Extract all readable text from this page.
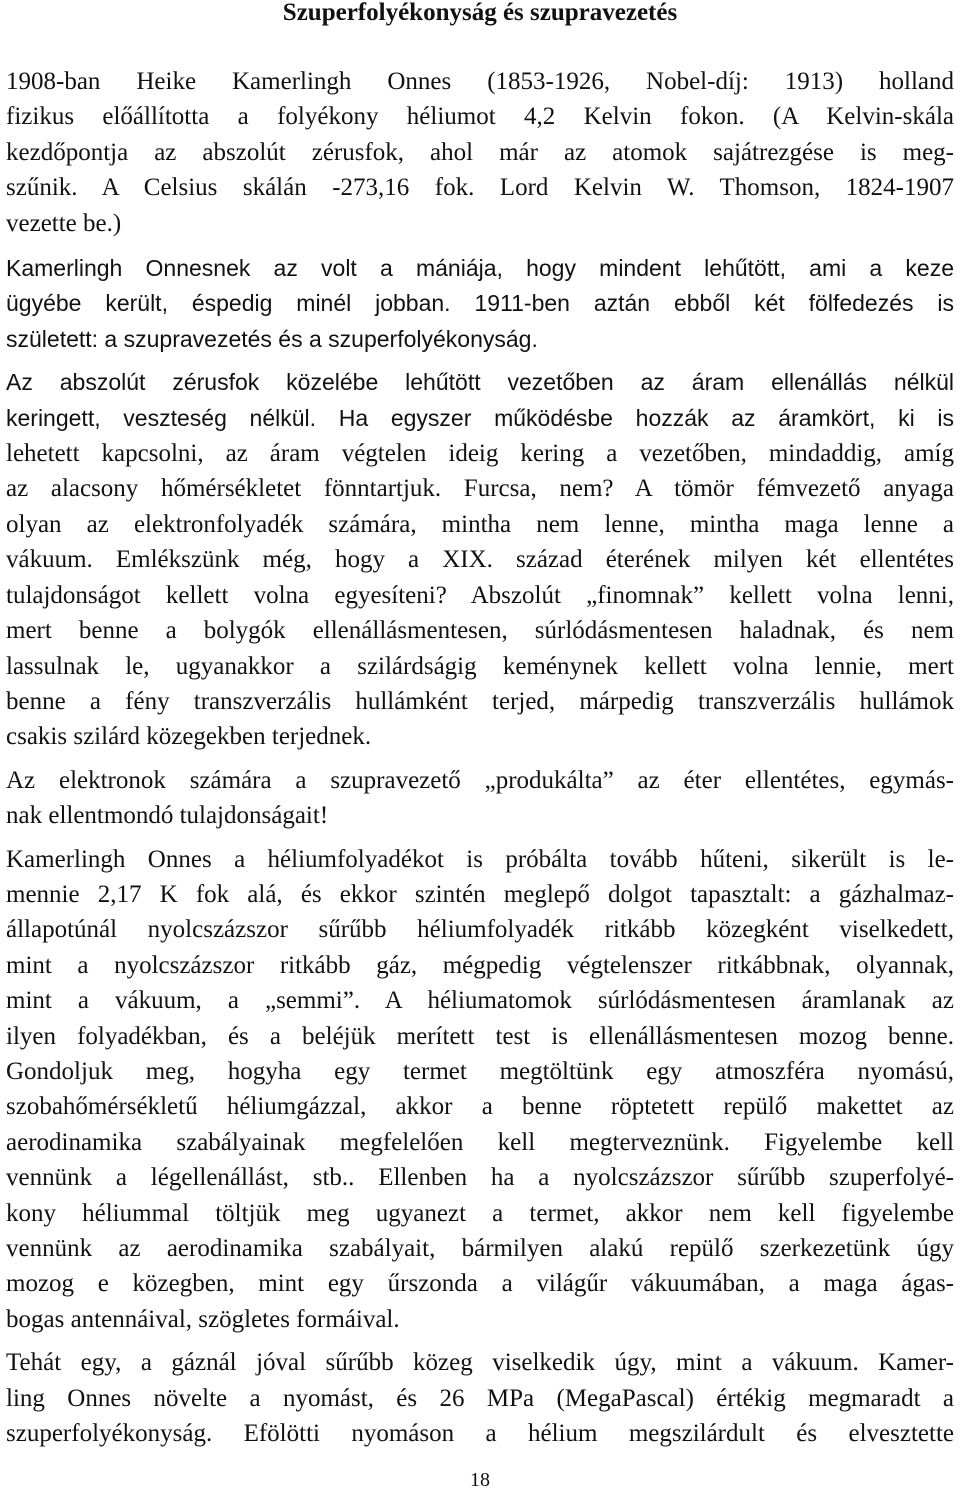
Szuperfolyékonyság és szupravezetés
1908-ban Heike Kamerlingh Onnes (1853-1926, Nobel-díj: 1913) holland
fizikus előállította a folyékony héliumot 4,2 Kelvin fokon. (A Kelvin-skála
kezdőpontja az abszolút zérusfok, ahol már az atomok sajátrezgése is meg-
szűnik. A Celsius skálán -273,16 fok. Lord Kelvin W. Thomson, 1824-1907
vezette be.)
Kamerlingh Onnesnek az volt a mániája, hogy mindent lehűtött, ami a keze
ügyébe került, éspedig minél jobban. 1911-ben aztán ebből két fölfedezés is
született: a szupravezetés és a szuperfolyékonyság.
Az abszolút zérusfok közelébe lehűtött vezetőben az áram ellenállás nélkül
keringett, veszteség nélkül. Ha egyszer működésbe hozzák az áramkört, ki is
lehetett kapcsolni, az áram végtelen ideig kering a vezetőben, mindaddig, amíg
az alacsony hőmérsékletet fönntartjuk. Furcsa, nem? A tömör fémvezető anyaga
olyan az elektronfolyadék számára, mintha nem lenne, mintha maga lenne a
vákuum. Emlékszünk még, hogy a XIX. század éterének milyen két ellentétes
tulajdonságot kellett volna egyesíteni? Abszolút „finomnak” kellett volna lenni,
mert benne a bolygók ellenállásmentesen, súrlódásmentesen haladnak, és nem
lassulnak le, ugyanakkor a szilárdságig keménynek kellett volna lennie, mert
benne a fény transzverzális hullámként terjed, márpedig transzverzális hullámok
csakis szilárd közegekben terjednek.
Az elektronok számára a szupravezető „produkálta” az éter ellentétes, egymás-
nak ellentmondó tulajdonságait!
Kamerlingh Onnes a héliumfolyadékot is próbálta tovább hűteni, sikerült is le-
mennie 2,17 K fok alá, és ekkor szintén meglepő dolgot tapasztalt: a gázhalmaz-
állapotúnál nyolcszázszor sűrűbb héliumfolyadék ritkább közegként viselkedett,
mint a nyolcszázszor ritkább gáz, mégpedig végtelenszer ritkábbnak, olyannak,
mint a vákuum, a „semmi”. A héliumatomok súrlódásmentesen áramlanak az
ilyen folyadékban, és a beléjük merített test is ellenállásmentesen mozog benne.
Gondoljuk meg, hogyha egy termet megtöltünk egy atmoszféra nyomású,
szobahőmérsékletű héliumgázzal, akkor a benne röptetett repülő makettet az
aerodinamika szabályainak megfelelően kell megterveznünk. Figyelembe kell
vennünk a légellenállást, stb.. Ellenben ha a nyolcszázszor sűrűbb szuperfolyé-
kony héliummal töltjük meg ugyanezt a termet, akkor nem kell figyelembe
vennünk az aerodinamika szabályait, bármilyen alakú repülő szerkezetünk úgy
mozog e közegben, mint egy űrszonda a világűr vákuumában, a maga ágas-
bogas antennáival, szögletes formáival.
Tehát egy, a gáznál jóval sűrűbb közeg viselkedik úgy, mint a vákuum. Kamer-
ling Onnes növelte a nyomást, és 26 MPa (MegaPascal) értékig megmaradt a
szuperfolyékonyság. Efölötti nyomáson a hélium megszilárdult és elvesztette
18
